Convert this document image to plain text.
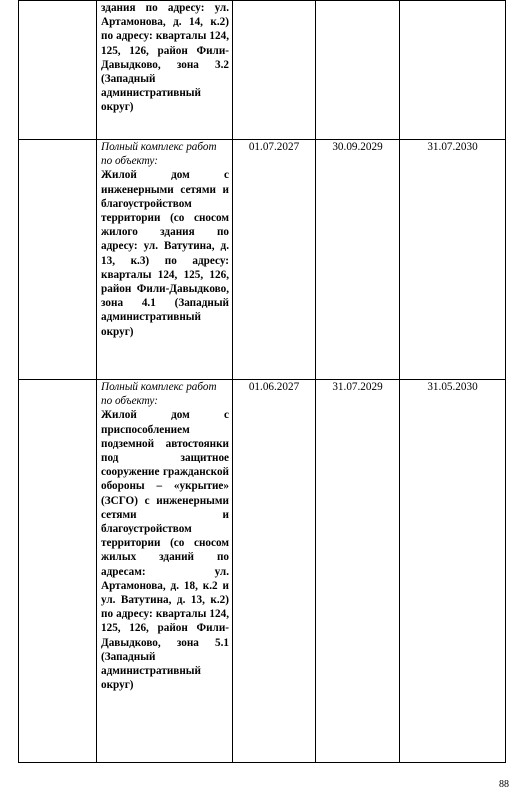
	здания по адресу: ул. Артамонова, д. 14, к.2) по адресу: кварталы 124, 125, 126, район Фили-Давыдково, зона 3.2 (Западный административный округ)			

	Полный комплекс работ по объекту:
Жилой дом с инженерными сетями и благоустройством территории (со сносом жилого здания по адресу: ул. Ватутина, д. 13, к.3) по адресу: кварталы 124, 125, 126, район Фили-Давыдково, зона 4.1 (Западный административный округ)	01.07.2027	30.09.2029	31.07.2030

	Полный комплекс работ по объекту:
Жилой дом с приспособлением подземной автостоянки под защитное сооружение гражданской обороны – «укрытие» (ЗСГО) с инженерными сетями и благоустройством территории (со сносом жилых зданий по адресам: ул. Артамонова, д. 18, к.2 и ул. Ватутина, д. 13, к.2) по адресу: кварталы 124, 125, 126, район Фили-Давыдково, зона 5.1 (Западный административный округ)	01.06.2027	31.07.2029	31.05.2030
88
